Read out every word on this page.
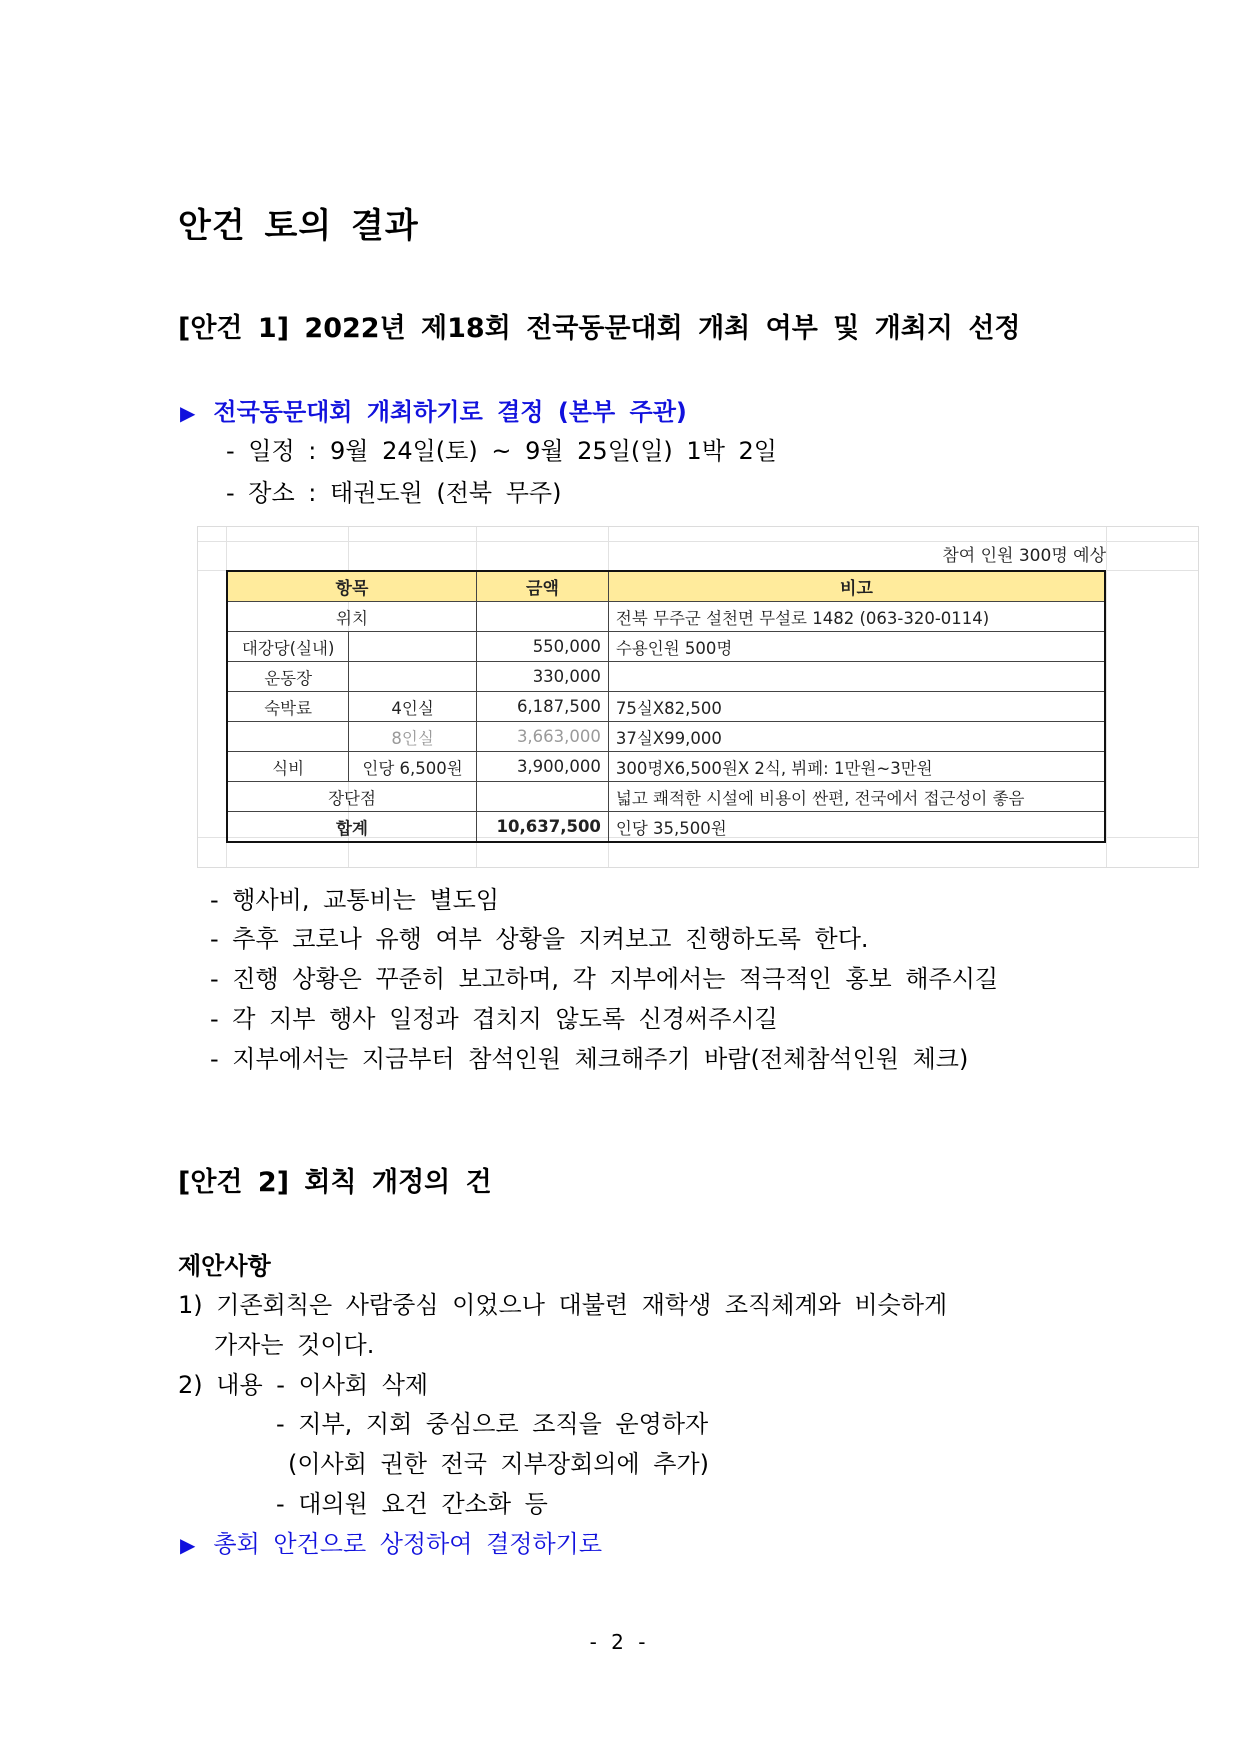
안건 토의 결과
[안건 1] 2022년 제18회 전국동문대회 개최 여부 및 개최지 선정
▶ 전국동문대회 개최하기로 결정 (본부 주관)
- 일정 : 9월 24일(토) ~ 9월 25일(일) 1박 2일
- 장소 : 태권도원 (전북 무주)
참여 인원 300명 예상
항목		금액	비고
위치			전북 무주군 설천면 무설로 1482 (063-320-0114)
대강당(실내)		550,000	수용인원 500명
운동장		330,000	
숙박료	4인실	6,187,500	75실X82,500
	8인실	3,663,000	37실X99,000
식비	인당 6,500원	3,900,000	300명X6,500원X 2식, 뷔페: 1만원~3만원
장단점			넓고 쾌적한 시설에 비용이 싼편, 전국에서 접근성이 좋음
합계		10,637,500	인당 35,500원
- 행사비, 교통비는 별도임
- 추후 코로나 유행 여부 상황을 지켜보고 진행하도록 한다.
- 진행 상황은 꾸준히 보고하며, 각 지부에서는 적극적인 홍보 해주시길
- 각 지부 행사 일정과 겹치지 않도록 신경써주시길
- 지부에서는 지금부터 참석인원 체크해주기 바람(전체참석인원 체크)
[안건 2] 회칙 개정의 건
제안사항
1) 기존회칙은 사람중심 이었으나 대불련 재학생 조직체계와 비슷하게
가자는 것이다.
2) 내용 - 이사회 삭제
- 지부, 지회 중심으로 조직을 운영하자
(이사회 권한 전국 지부장회의에 추가)
- 대의원 요건 간소화 등
▶ 총회 안건으로 상정하여 결정하기로
- 2 -
